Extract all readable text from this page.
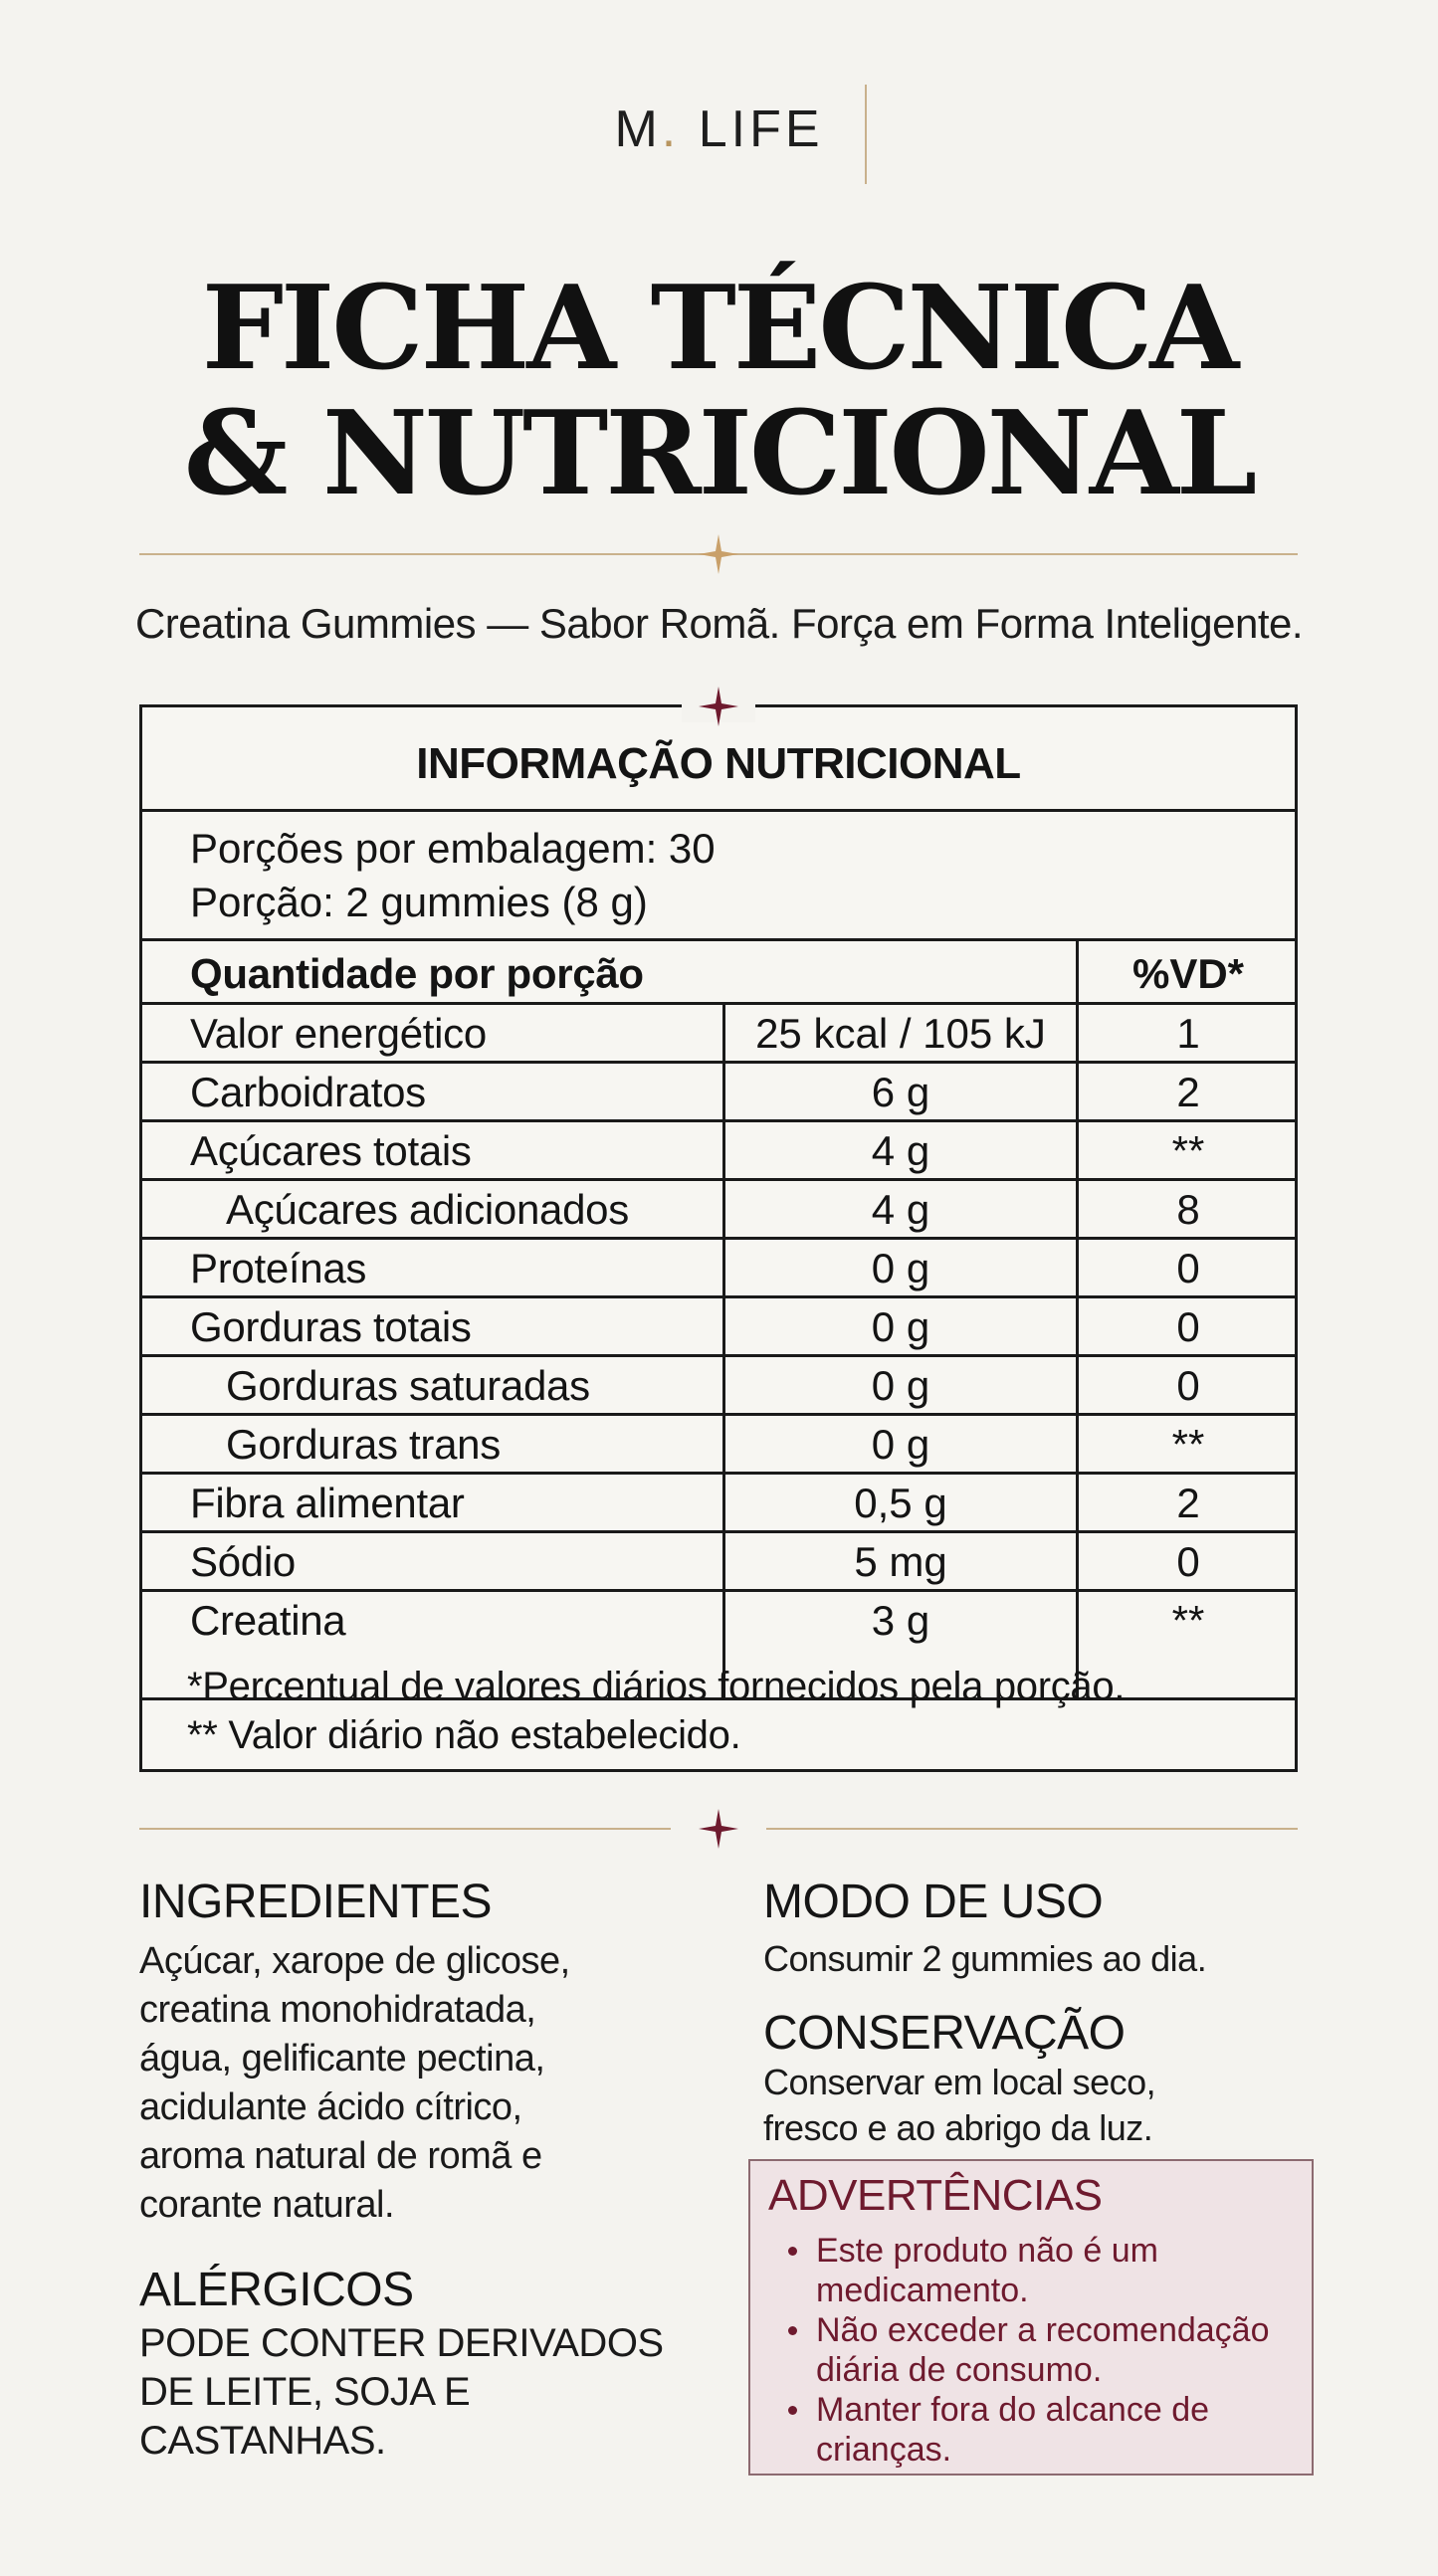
M. LIFE
FICHA TÉCNICA
& NUTRICIONAL
Creatina Gummies — Sabor Romã. Força em Forma Inteligente.
INFORMAÇÃO NUTRICIONAL
Porções por embalagem: 30
Porção: 2 gummies (8 g)
Quantidade por porção	%VD*
Valor energético	25 kcal / 105 kJ	1
Carboidratos	6 g	2
Açúcares totais	4 g	**
Açúcares adicionados	4 g	8
Proteínas	0 g	0
Gorduras totais	0 g	0
Gorduras saturadas	0 g	0
Gorduras trans	0 g	**
Fibra alimentar	0,5 g	2
Sódio	5 mg	0
Creatina	3 g	**
*Percentual de valores diários fornecidos pela porção.
** Valor diário não estabelecido.
INGREDIENTES
Açúcar, xarope de glicose,
creatina monohidratada,
água, gelificante pectina,
acidulante ácido cítrico,
aroma natural de romã e
corante natural.
ALÉRGICOS
PODE CONTER DERIVADOS
DE LEITE, SOJA E
CASTANHAS.
MODO DE USO
Consumir 2 gummies ao dia.
CONSERVAÇÃO
Conservar em local seco,
fresco e ao abrigo da luz.
ADVERTÊNCIAS
Este produto não é um
medicamento.
Não exceder a recomendação
diária de consumo.
Manter fora do alcance de
crianças.
